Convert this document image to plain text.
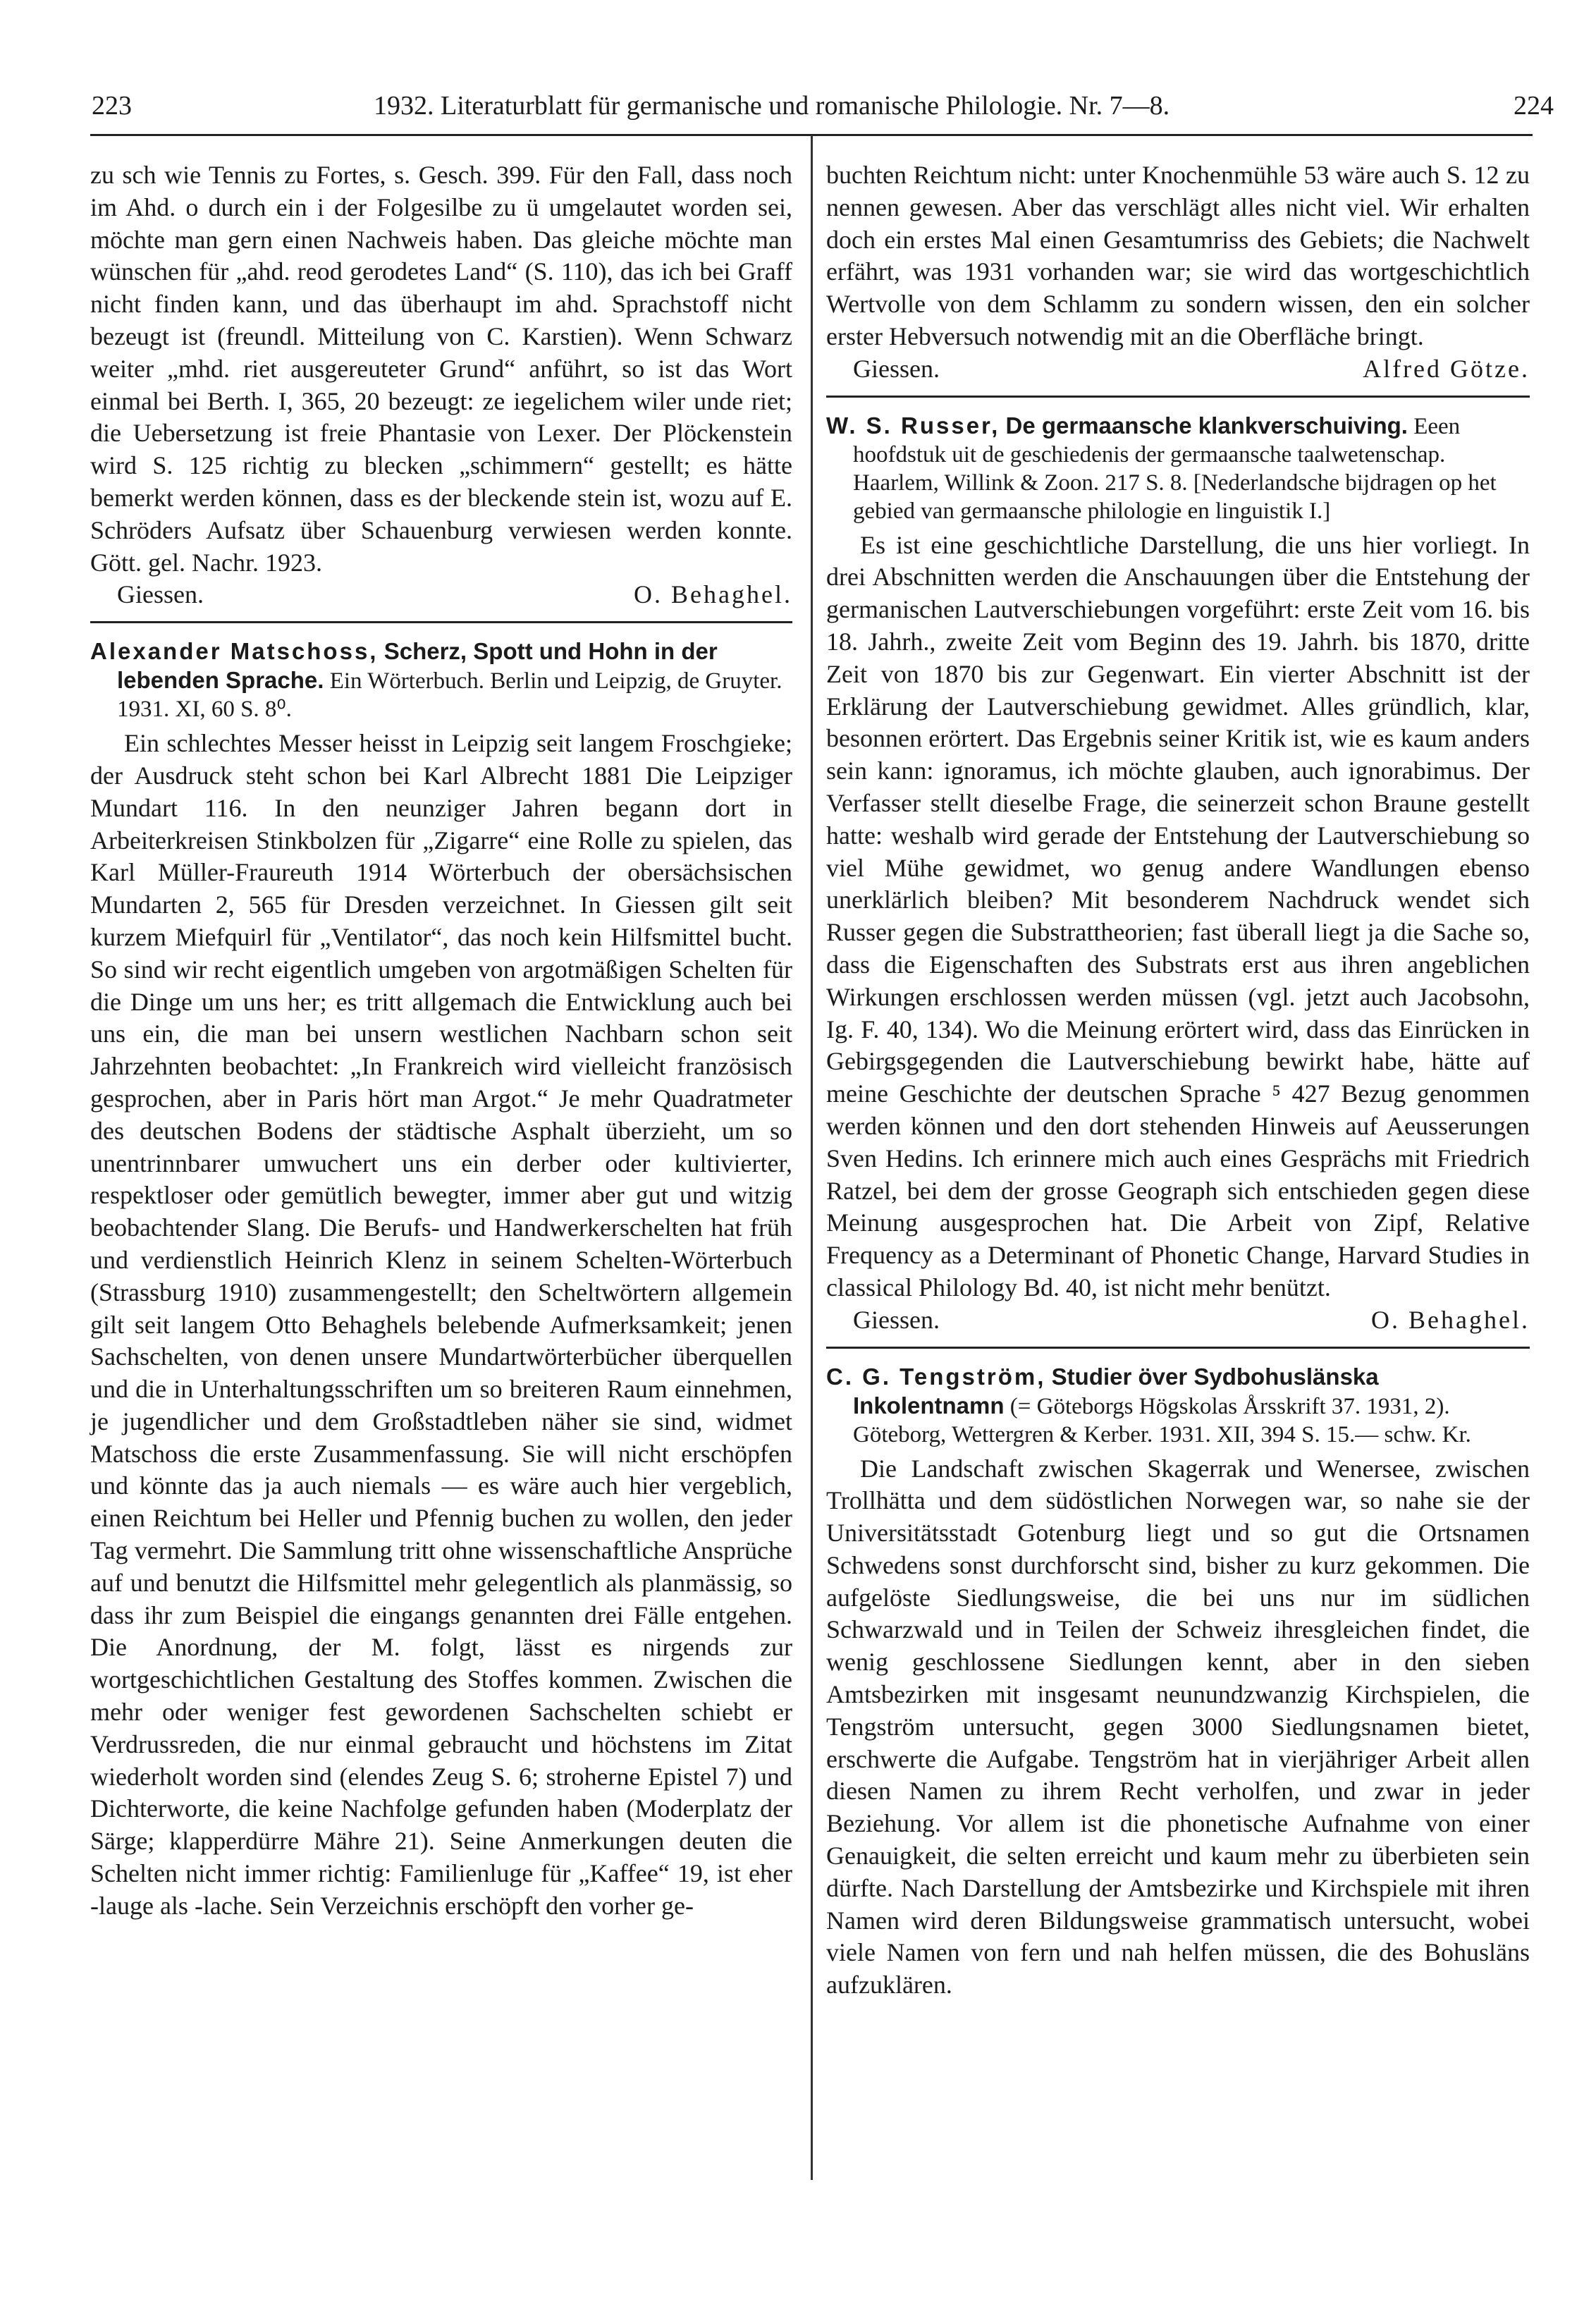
223	1932. Literaturblatt für germanische und romanische Philologie. Nr. 7—8.	224

zu sch wie Tennis zu Fortes, s. Gesch. 399. Für den Fall, dass noch im Ahd. o durch ein i der Folgesilbe zu ü umgelautet worden sei, möchte man gern einen Nachweis haben. Das gleiche möchte man wünschen für „ahd. reod gerodetes Land“ (S. 110), das ich bei Graff nicht finden kann, und das überhaupt im ahd. Sprachstoff nicht bezeugt ist (freundl. Mitteilung von C. Karstien). Wenn Schwarz weiter „mhd. riet ausgereuteter Grund“ anführt, so ist das Wort einmal bei Berth. I, 365, 20 bezeugt: ze iegelichem wiler unde riet; die Uebersetzung ist freie Phantasie von Lexer. Der Plöckenstein wird S. 125 richtig zu blecken „schimmern“ gestellt; es hätte bemerkt werden können, dass es der bleckende stein ist, wozu auf E. Schröders Aufsatz über Schauenburg verwiesen werden konnte. Gött. gel. Nachr. 1923.

Giessen.	O. Behaghel.

Alexander Matschoss, Scherz, Spott und Hohn in der lebenden Sprache. Ein Wörterbuch. Berlin und Leipzig, de Gruyter. 1931. XI, 60 S. 8⁰.

Ein schlechtes Messer heisst in Leipzig seit langem Froschgieke; der Ausdruck steht schon bei Karl Albrecht 1881 Die Leipziger Mundart 116. In den neunziger Jahren begann dort in Arbeiterkreisen Stinkbolzen für „Zigarre“ eine Rolle zu spielen, das Karl Müller-Fraureuth 1914 Wörterbuch der obersächsischen Mundarten 2, 565 für Dresden verzeichnet. In Giessen gilt seit kurzem Miefquirl für „Ventilator“, das noch kein Hilfsmittel bucht. So sind wir recht eigentlich umgeben von argotmäßigen Schelten für die Dinge um uns her; es tritt allgemach die Entwicklung auch bei uns ein, die man bei unsern westlichen Nachbarn schon seit Jahrzehnten beobachtet: „In Frankreich wird vielleicht französisch gesprochen, aber in Paris hört man Argot.“ Je mehr Quadratmeter des deutschen Bodens der städtische Asphalt überzieht, um so unentrinnbarer umwuchert uns ein derber oder kultivierter, respektloser oder gemütlich bewegter, immer aber gut und witzig beobachtender Slang. Die Berufs- und Handwerkerschelten hat früh und verdienstlich Heinrich Klenz in seinem Schelten-Wörterbuch (Strassburg 1910) zusammengestellt; den Scheltwörtern allgemein gilt seit langem Otto Behaghels belebende Aufmerksamkeit; jenen Sachschelten, von denen unsere Mundartwörterbücher überquellen und die in Unterhaltungsschriften um so breiteren Raum einnehmen, je jugendlicher und dem Großstadtleben näher sie sind, widmet Matschoss die erste Zusammenfassung. Sie will nicht erschöpfen und könnte das ja auch niemals — es wäre auch hier vergeblich, einen Reichtum bei Heller und Pfennig buchen zu wollen, den jeder Tag vermehrt. Die Sammlung tritt ohne wissenschaftliche Ansprüche auf und benutzt die Hilfsmittel mehr gelegentlich als planmässig, so dass ihr zum Beispiel die eingangs genannten drei Fälle entgehen. Die Anordnung, der M. folgt, lässt es nirgends zur wortgeschichtlichen Gestaltung des Stoffes kommen. Zwischen die mehr oder weniger fest gewordenen Sachschelten schiebt er Verdrussreden, die nur einmal gebraucht und höchstens im Zitat wiederholt worden sind (elendes Zeug S. 6; stroherne Epistel 7) und Dichterworte, die keine Nachfolge gefunden haben (Moderplatz der Särge; klapperdürre Mähre 21). Seine Anmerkungen deuten die Schelten nicht immer richtig: Familienluge für „Kaffee“ 19, ist eher -lauge als -lache. Sein Verzeichnis erschöpft den vorher ge-

buchten Reichtum nicht: unter Knochenmühle 53 wäre auch S. 12 zu nennen gewesen. Aber das verschlägt alles nicht viel. Wir erhalten doch ein erstes Mal einen Gesamtumriss des Gebiets; die Nachwelt erfährt, was 1931 vorhanden war; sie wird das wortgeschichtlich Wertvolle von dem Schlamm zu sondern wissen, den ein solcher erster Hebversuch notwendig mit an die Oberfläche bringt.

Giessen.	Alfred Götze.

W. S. Russer, De germaansche klankverschuiving. Eeen hoofdstuk uit de geschiedenis der germaansche taalwetenschap. Haarlem, Willink & Zoon. 217 S. 8. [Nederlandsche bijdragen op het gebied van germaansche philologie en linguistik I.]

Es ist eine geschichtliche Darstellung, die uns hier vorliegt. In drei Abschnitten werden die Anschauungen über die Entstehung der germanischen Lautverschiebungen vorgeführt: erste Zeit vom 16. bis 18. Jahrh., zweite Zeit vom Beginn des 19. Jahrh. bis 1870, dritte Zeit von 1870 bis zur Gegenwart. Ein vierter Abschnitt ist der Erklärung der Lautverschiebung gewidmet. Alles gründlich, klar, besonnen erörtert. Das Ergebnis seiner Kritik ist, wie es kaum anders sein kann: ignoramus, ich möchte glauben, auch ignorabimus. Der Verfasser stellt dieselbe Frage, die seinerzeit schon Braune gestellt hatte: weshalb wird gerade der Entstehung der Lautverschiebung so viel Mühe gewidmet, wo genug andere Wandlungen ebenso unerklärlich bleiben? Mit besonderem Nachdruck wendet sich Russer gegen die Substrattheorien; fast überall liegt ja die Sache so, dass die Eigenschaften des Substrats erst aus ihren angeblichen Wirkungen erschlossen werden müssen (vgl. jetzt auch Jacobsohn, Ig. F. 40, 134). Wo die Meinung erörtert wird, dass das Einrücken in Gebirgsgegenden die Lautverschiebung bewirkt habe, hätte auf meine Geschichte der deutschen Sprache ⁵ 427 Bezug genommen werden können und den dort stehenden Hinweis auf Aeusserungen Sven Hedins. Ich erinnere mich auch eines Gesprächs mit Friedrich Ratzel, bei dem der grosse Geograph sich entschieden gegen diese Meinung ausgesprochen hat. Die Arbeit von Zipf, Relative Frequency as a Determinant of Phonetic Change, Harvard Studies in classical Philology Bd. 40, ist nicht mehr benützt.

Giessen.	O. Behaghel.

C. G. Tengström, Studier över Sydbohuslänska Inkolentnamn (= Göteborgs Högskolas Årsskrift 37. 1931, 2). Göteborg, Wettergren & Kerber. 1931. XII, 394 S. 15.— schw. Kr.

Die Landschaft zwischen Skagerrak und Wenersee, zwischen Trollhätta und dem südöstlichen Norwegen war, so nahe sie der Universitätsstadt Gotenburg liegt und so gut die Ortsnamen Schwedens sonst durchforscht sind, bisher zu kurz gekommen. Die aufgelöste Siedlungsweise, die bei uns nur im südlichen Schwarzwald und in Teilen der Schweiz ihresgleichen findet, die wenig geschlossene Siedlungen kennt, aber in den sieben Amtsbezirken mit insgesamt neunundzwanzig Kirchspielen, die Tengström untersucht, gegen 3000 Siedlungsnamen bietet, erschwerte die Aufgabe. Tengström hat in vierjähriger Arbeit allen diesen Namen zu ihrem Recht verholfen, und zwar in jeder Beziehung. Vor allem ist die phonetische Aufnahme von einer Genauigkeit, die selten erreicht und kaum mehr zu überbieten sein dürfte. Nach Darstellung der Amtsbezirke und Kirchspiele mit ihren Namen wird deren Bildungsweise grammatisch untersucht, wobei viele Namen von fern und nah helfen müssen, die des Bohusläns aufzuklären.
